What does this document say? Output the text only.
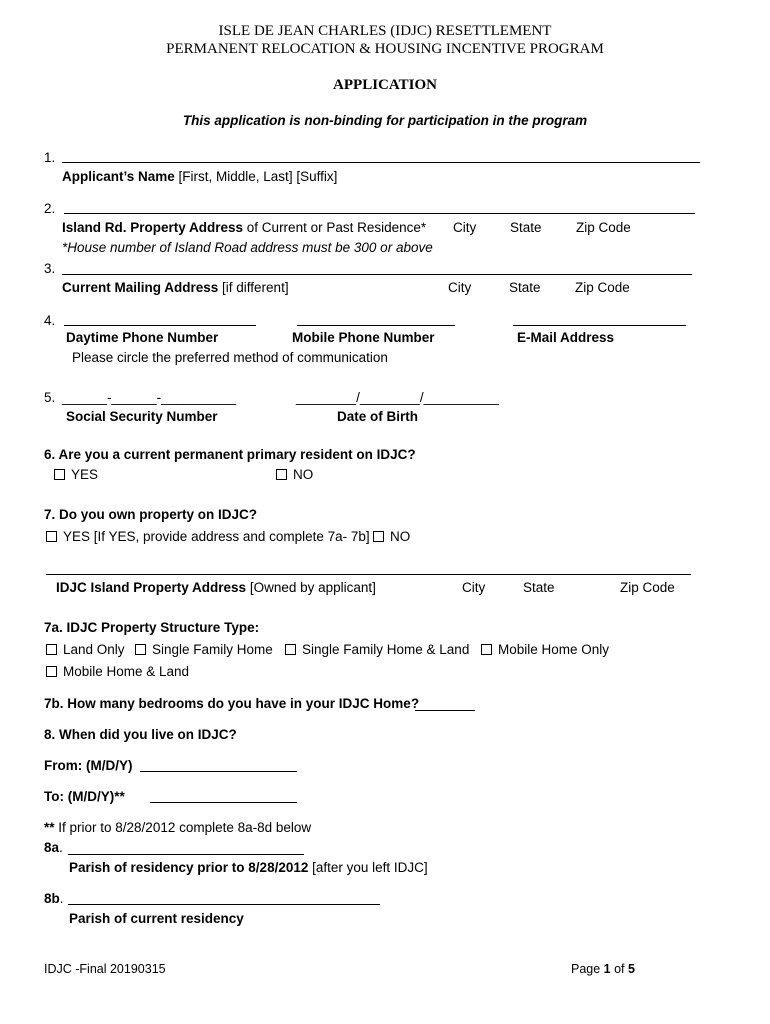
ISLE DE JEAN CHARLES (IDJC) RESETTLEMENT
PERMANENT RELOCATION & HOUSING INCENTIVE PROGRAM
APPLICATION
This application is non-binding for participation in the program
1.
Applicant’s Name [First, Middle, Last] [Suffix]
2.
Island Rd. Property Address of Current or Past Residence* City	State	Zip Code
*House number of Island Road address must be 300 or above
3.
Current Mailing Address [if different]	City	State	Zip Code
4.
Daytime Phone Number	Mobile Phone Number	E-Mail Address
Please circle the preferred method of communication
5. ______-______-__________
Social Security Number
________/________/__________
Date of Birth
6. Are you a current permanent primary resident on IDJC?
YES	NO
7. Do you own property on IDJC?
YES [If YES, provide address and complete 7a- 7b]	NO
IDJC Island Property Address [Owned by applicant]	City	State	Zip Code
7a. IDJC Property Structure Type:
Land Only	Single Family Home	Single Family Home & Land	Mobile Home Only
Mobile Home & Land
7b. How many bedrooms do you have in your IDJC Home?
8. When did you live on IDJC?
From: (M/D/Y)
To: (M/D/Y)**
** If prior to 8/28/2012 complete 8a-8d below
8a.
Parish of residency prior to 8/28/2012 [after you left IDJC]
8b.
Parish of current residency
IDJC -Final 20190315	Page 1 of 5
